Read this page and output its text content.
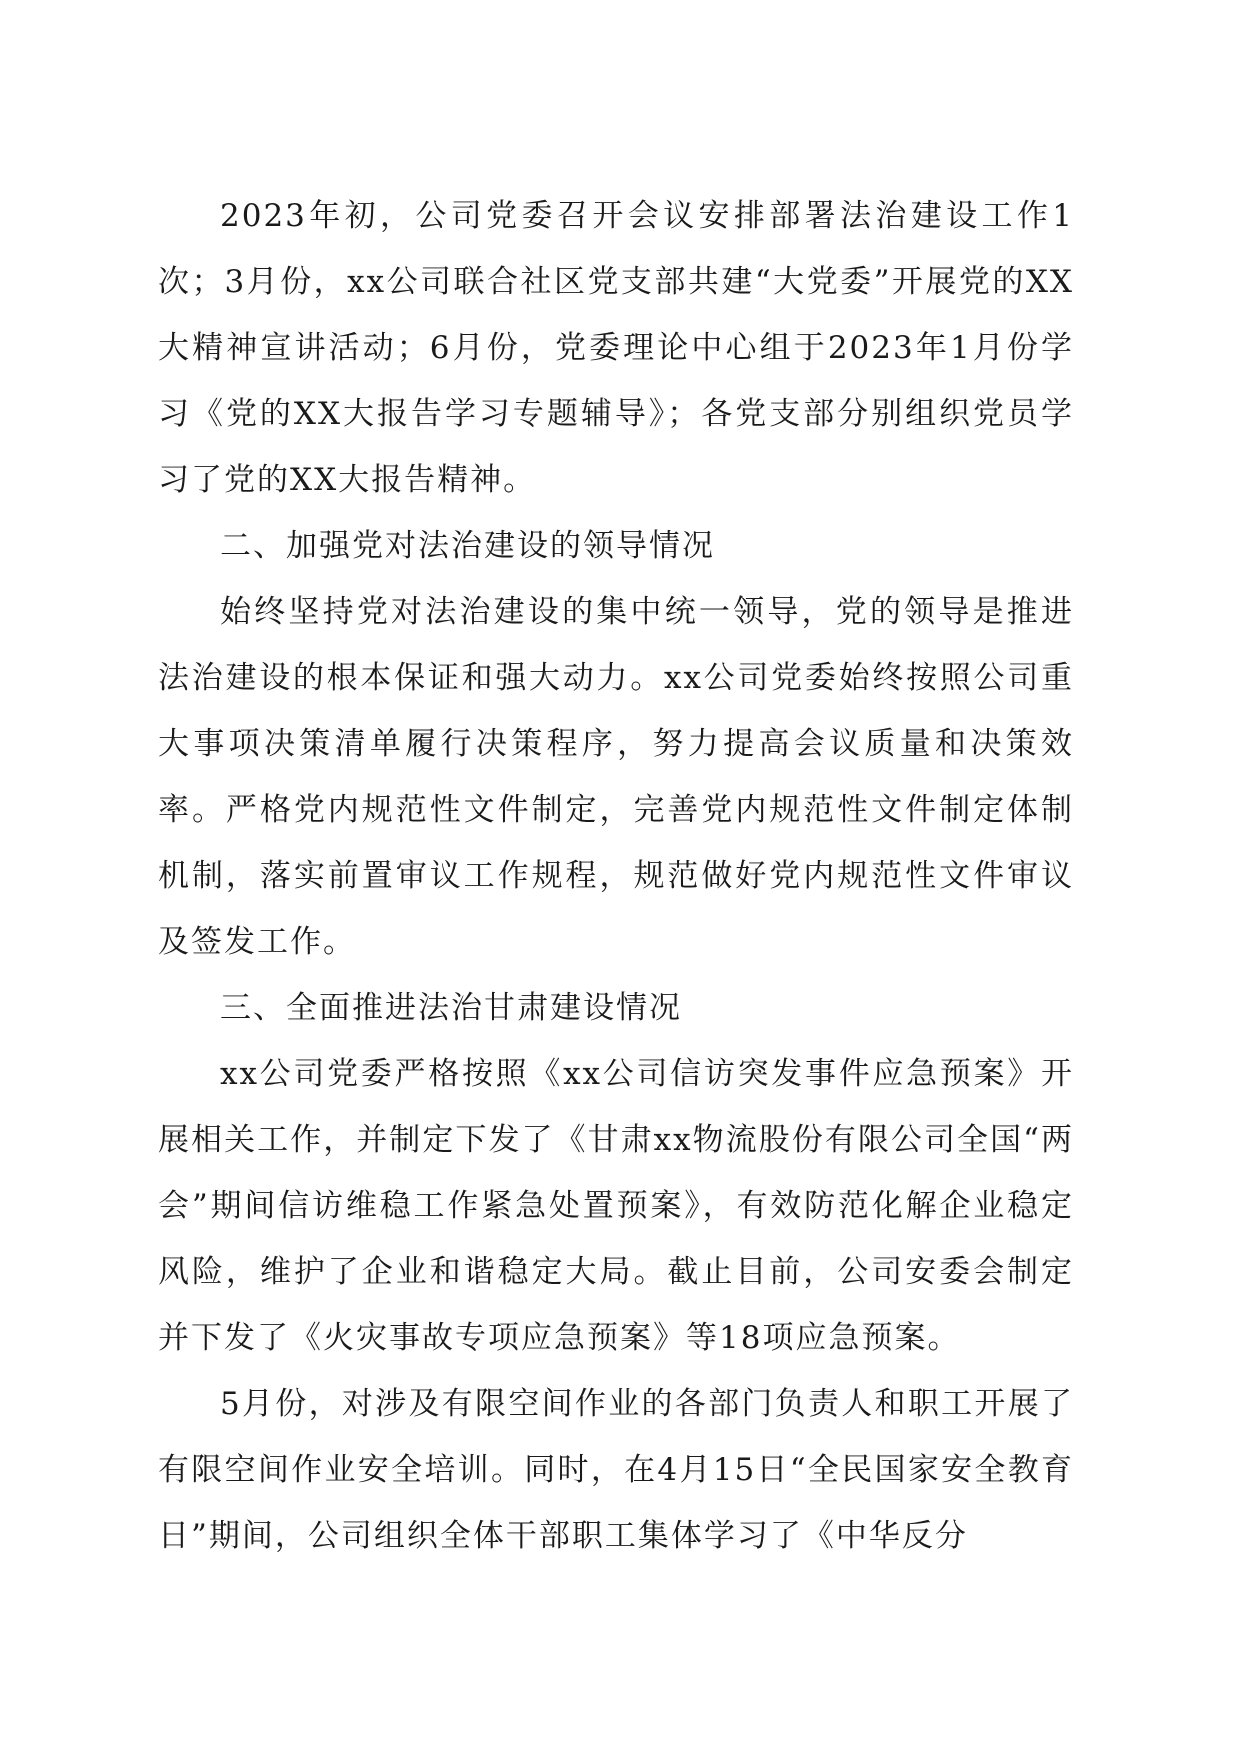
2023年初，公司党委召开会议安排部署法治建设工作1次；3月份，xx公司联合社区党支部共建“大党委”开展党的XX大精神宣讲活动；6月份，党委理论中心组于2023年1月份学习《党的XX大报告学习专题辅导》；各党支部分别组织党员学习了党的XX大报告精神。

二、加强党对法治建设的领导情况

始终坚持党对法治建设的集中统一领导，党的领导是推进法治建设的根本保证和强大动力。xx公司党委始终按照公司重大事项决策清单履行决策程序，努力提高会议质量和决策效率。严格党内规范性文件制定，完善党内规范性文件制定体制机制，落实前置审议工作规程，规范做好党内规范性文件审议及签发工作。

三、全面推进法治甘肃建设情况

xx公司党委严格按照《xx公司信访突发事件应急预案》开展相关工作，并制定下发了《甘肃xx物流股份有限公司全国“两会”期间信访维稳工作紧急处置预案》，有效防范化解企业稳定风险，维护了企业和谐稳定大局。截止目前，公司安委会制定并下发了《火灾事故专项应急预案》等18项应急预案。

5月份，对涉及有限空间作业的各部门负责人和职工开展了有限空间作业安全培训。同时，在4月15日“全民国家安全教育日”期间，公司组织全体干部职工集体学习了《中华反分
